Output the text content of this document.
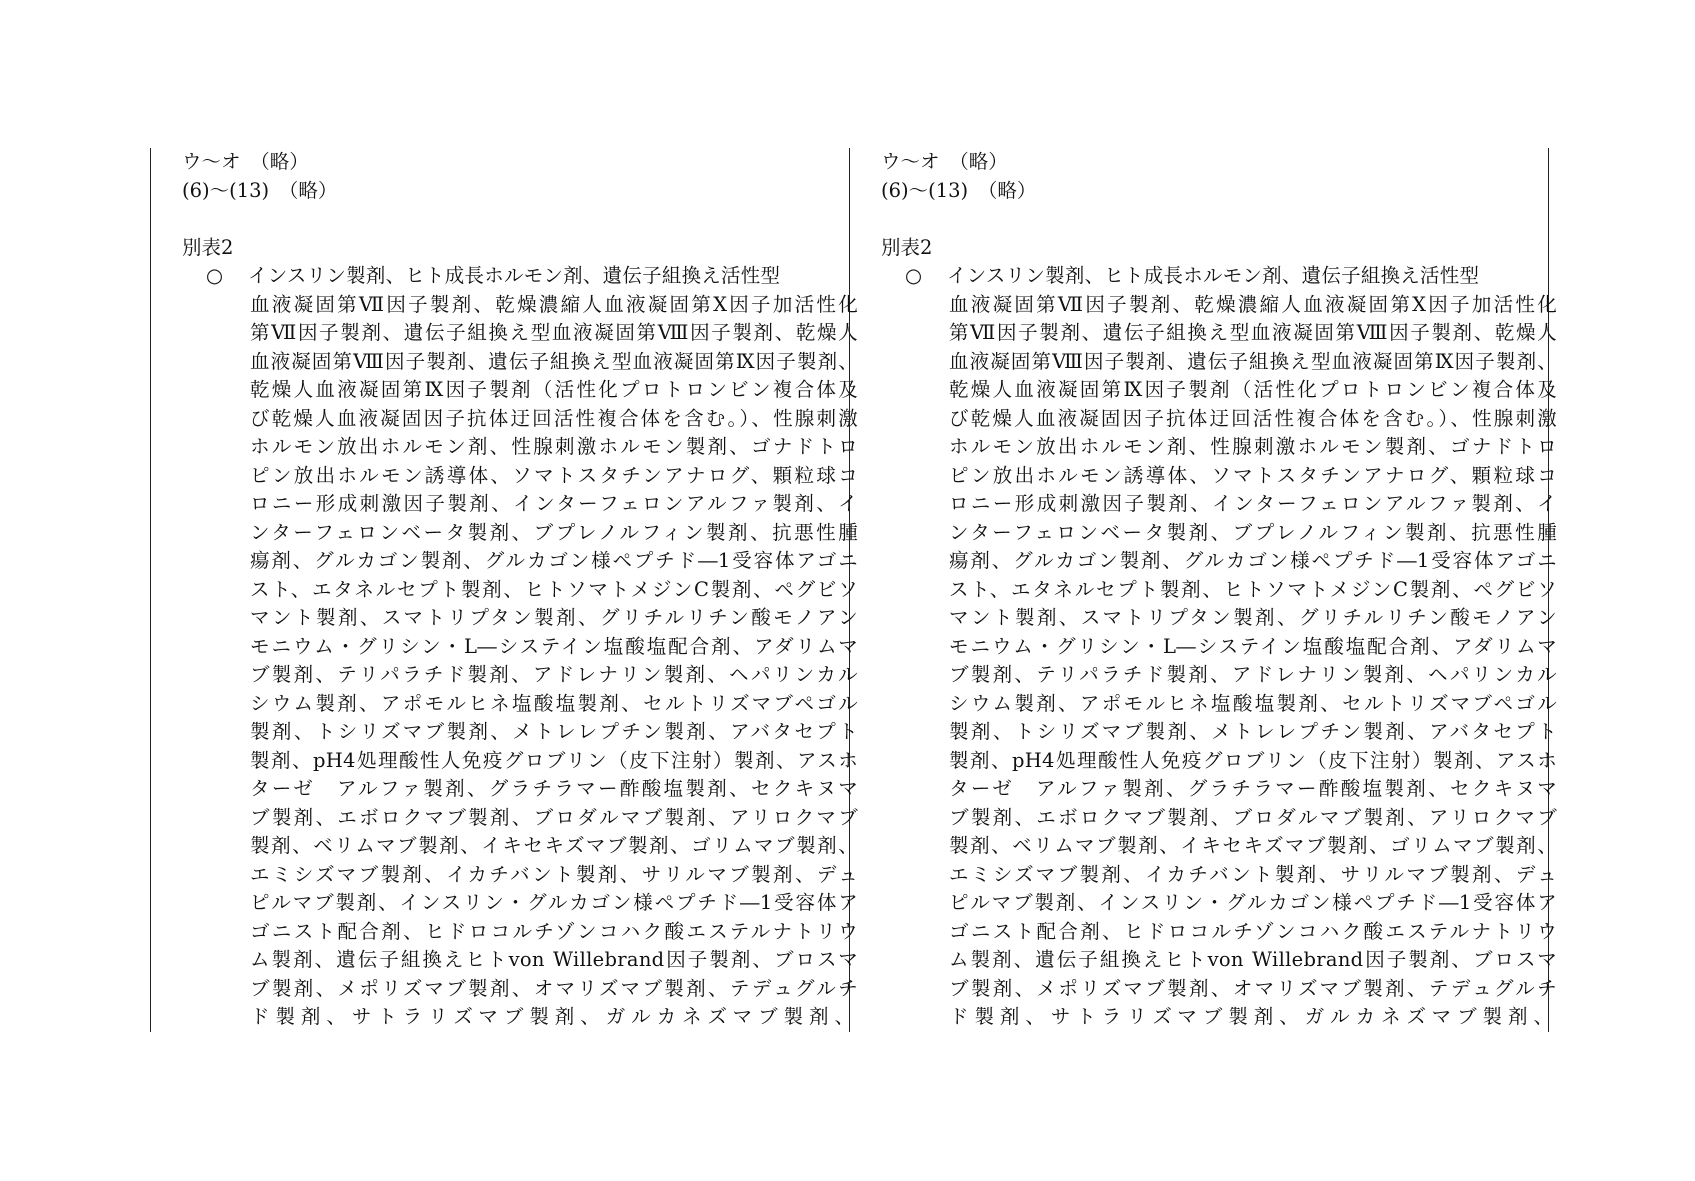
ウ～オ　（略）
(6)～(13)　（略）
別表2
○	インスリン製剤、ヒト成長ホルモン剤、遺伝子組換え活性型
血液凝固第Ⅶ因子製剤、乾燥濃縮人血液凝固第Ⅹ因子加活性化
第Ⅶ因子製剤、遺伝子組換え型血液凝固第Ⅷ因子製剤、乾燥人
血液凝固第Ⅷ因子製剤、遺伝子組換え型血液凝固第Ⅸ因子製剤、
乾燥人血液凝固第Ⅸ因子製剤（活性化プロトロンビン複合体及
び乾燥人血液凝固因子抗体迂回活性複合体を含む。）、性腺刺激
ホルモン放出ホルモン剤、性腺刺激ホルモン製剤、ゴナドトロ
ピン放出ホルモン誘導体、ソマトスタチンアナログ、顆粒球コ
ロニー形成刺激因子製剤、インターフェロンアルファ製剤、イ
ンターフェロンベータ製剤、ブプレノルフィン製剤、抗悪性腫
瘍剤、グルカゴン製剤、グルカゴン様ペプチド―1受容体アゴニ
スト、エタネルセプト製剤、ヒトソマトメジンC製剤、ペグビソ
マント製剤、スマトリプタン製剤、グリチルリチン酸モノアン
モニウム・グリシン・L―システイン塩酸塩配合剤、アダリムマ
ブ製剤、テリパラチド製剤、アドレナリン製剤、ヘパリンカル
シウム製剤、アポモルヒネ塩酸塩製剤、セルトリズマブペゴル
製剤、トシリズマブ製剤、メトレレプチン製剤、アバタセプト
製剤、pH4処理酸性人免疫グロブリン（皮下注射）製剤、アスホ
ターゼ　アルファ製剤、グラチラマー酢酸塩製剤、セクキヌマ
ブ製剤、エボロクマブ製剤、ブロダルマブ製剤、アリロクマブ
製剤、ベリムマブ製剤、イキセキズマブ製剤、ゴリムマブ製剤、
エミシズマブ製剤、イカチバント製剤、サリルマブ製剤、デュ
ピルマブ製剤、インスリン・グルカゴン様ペプチド―1受容体ア
ゴニスト配合剤、ヒドロコルチゾンコハク酸エステルナトリウ
ム製剤、遺伝子組換えヒトvon Willebrand因子製剤、ブロスマ
ブ製剤、メポリズマブ製剤、オマリズマブ製剤、テデュグルチ
ド製剤、サトラリズマブ製剤、ガルカネズマブ製剤、
ウ～オ　（略）
(6)～(13)　（略）
別表2
○	インスリン製剤、ヒト成長ホルモン剤、遺伝子組換え活性型
血液凝固第Ⅶ因子製剤、乾燥濃縮人血液凝固第Ⅹ因子加活性化
第Ⅶ因子製剤、遺伝子組換え型血液凝固第Ⅷ因子製剤、乾燥人
血液凝固第Ⅷ因子製剤、遺伝子組換え型血液凝固第Ⅸ因子製剤、
乾燥人血液凝固第Ⅸ因子製剤（活性化プロトロンビン複合体及
び乾燥人血液凝固因子抗体迂回活性複合体を含む。）、性腺刺激
ホルモン放出ホルモン剤、性腺刺激ホルモン製剤、ゴナドトロ
ピン放出ホルモン誘導体、ソマトスタチンアナログ、顆粒球コ
ロニー形成刺激因子製剤、インターフェロンアルファ製剤、イ
ンターフェロンベータ製剤、ブプレノルフィン製剤、抗悪性腫
瘍剤、グルカゴン製剤、グルカゴン様ペプチド―1受容体アゴニ
スト、エタネルセプト製剤、ヒトソマトメジンC製剤、ペグビソ
マント製剤、スマトリプタン製剤、グリチルリチン酸モノアン
モニウム・グリシン・L―システイン塩酸塩配合剤、アダリムマ
ブ製剤、テリパラチド製剤、アドレナリン製剤、ヘパリンカル
シウム製剤、アポモルヒネ塩酸塩製剤、セルトリズマブペゴル
製剤、トシリズマブ製剤、メトレレプチン製剤、アバタセプト
製剤、pH4処理酸性人免疫グロブリン（皮下注射）製剤、アスホ
ターゼ　アルファ製剤、グラチラマー酢酸塩製剤、セクキヌマ
ブ製剤、エボロクマブ製剤、ブロダルマブ製剤、アリロクマブ
製剤、ベリムマブ製剤、イキセキズマブ製剤、ゴリムマブ製剤、
エミシズマブ製剤、イカチバント製剤、サリルマブ製剤、デュ
ピルマブ製剤、インスリン・グルカゴン様ペプチド―1受容体ア
ゴニスト配合剤、ヒドロコルチゾンコハク酸エステルナトリウ
ム製剤、遺伝子組換えヒトvon Willebrand因子製剤、ブロスマ
ブ製剤、メポリズマブ製剤、オマリズマブ製剤、テデュグルチ
ド製剤、サトラリズマブ製剤、ガルカネズマブ製剤、
